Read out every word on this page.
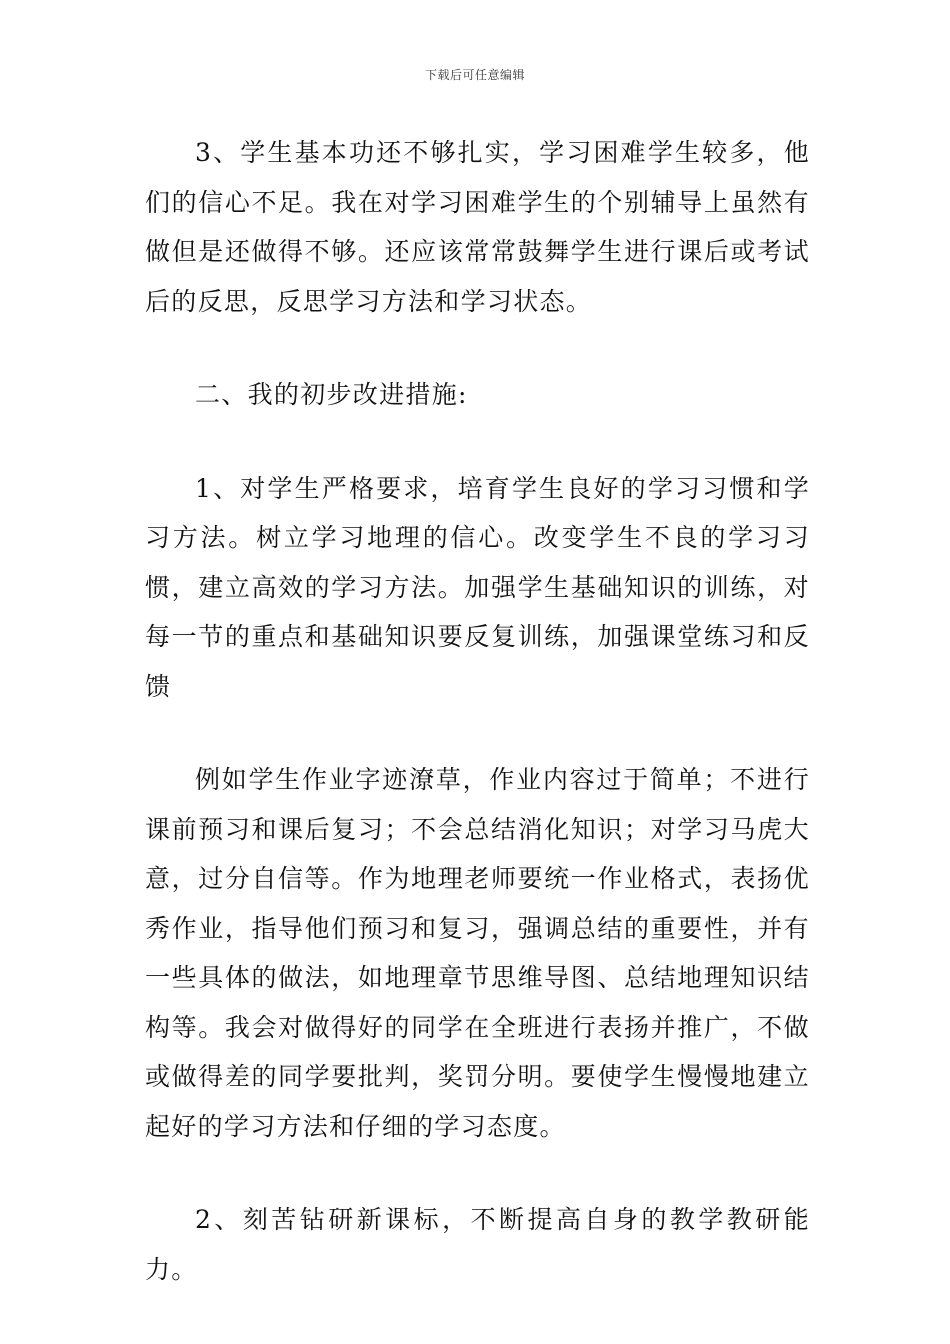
下载后可任意编辑

3、学生基本功还不够扎实，学习困难学生较多，他们的信心不足。我在对学习困难学生的个别辅导上虽然有做但是还做得不够。还应该常常鼓舞学生进行课后或考试后的反思，反思学习方法和学习状态。

二、我的初步改进措施:

1、对学生严格要求，培育学生良好的学习习惯和学习方法。树立学习地理的信心。改变学生不良的学习习惯，建立高效的学习方法。加强学生基础知识的训练，对每一节的重点和基础知识要反复训练，加强课堂练习和反馈

例如学生作业字迹潦草，作业内容过于简单；不进行课前预习和课后复习；不会总结消化知识；对学习马虎大意，过分自信等。作为地理老师要统一作业格式，表扬优秀作业，指导他们预习和复习，强调总结的重要性，并有一些具体的做法，如地理章节思维导图、总结地理知识结构等。我会对做得好的同学在全班进行表扬并推广，不做或做得差的同学要批判，奖罚分明。要使学生慢慢地建立起好的学习方法和仔细的学习态度。

2、刻苦钻研新课标，不断提高自身的教学教研能力。
